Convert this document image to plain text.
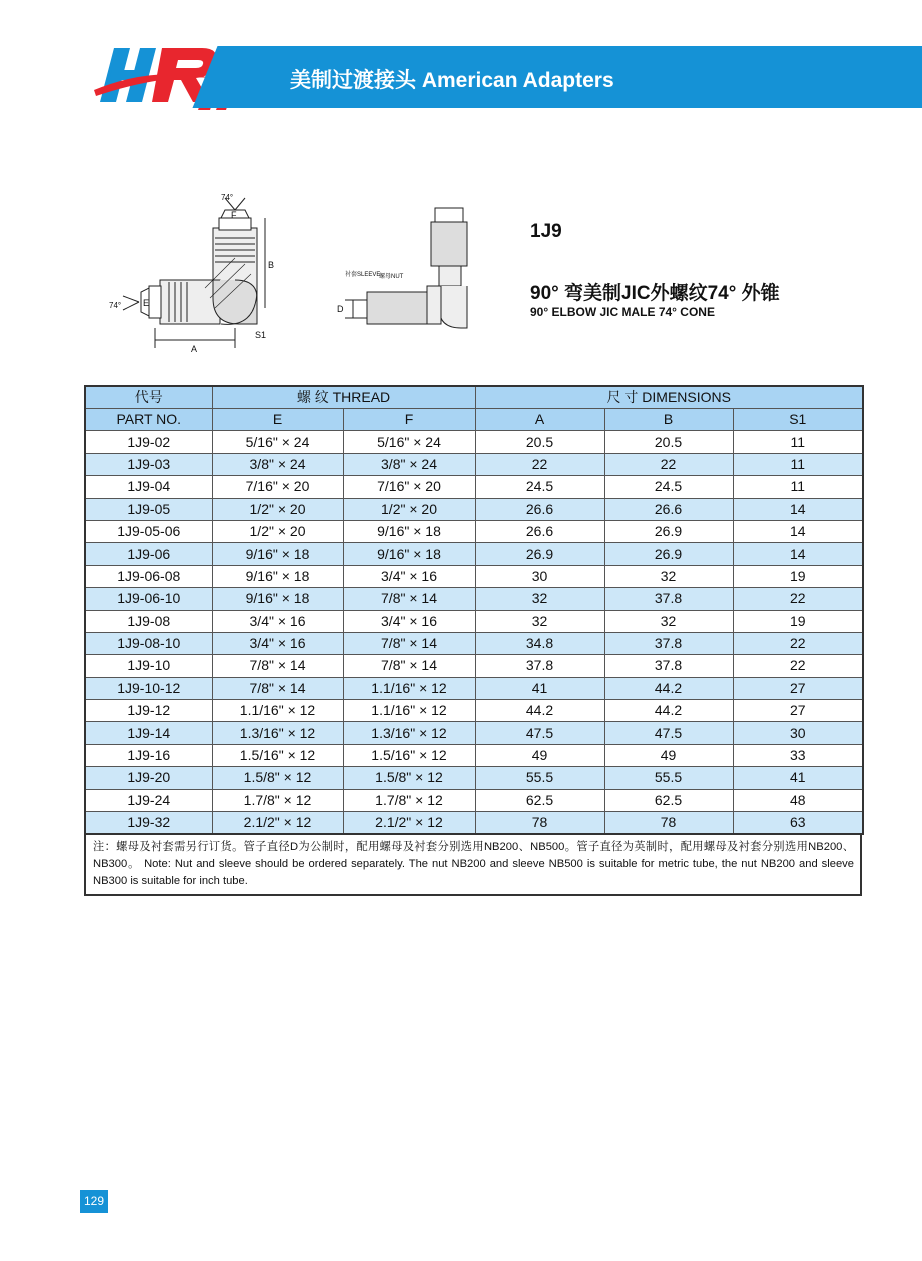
美制过渡接头 American Adapters
74°
74°
F
B
E
A
S1
螺母NUT
衬套SLEEVE
D
1J9
90° 弯美制JIC外螺纹74° 外锥
90° ELBOW JIC MALE 74° CONE
代号	螺 纹 THREAD		尺 寸 DIMENSIONS		
PART NO.	E	F	A	B	S1
1J9-02	5/16" × 24	5/16" × 24	20.5	20.5	11
1J9-03	3/8" × 24	3/8" × 24	22	22	11
1J9-04	7/16" × 20	7/16" × 20	24.5	24.5	11
1J9-05	1/2" × 20	1/2" × 20	26.6	26.6	14
1J9-05-06	1/2" × 20	9/16" × 18	26.6	26.9	14
1J9-06	9/16" × 18	9/16" × 18	26.9	26.9	14
1J9-06-08	9/16" × 18	3/4" × 16	30	32	19
1J9-06-10	9/16" × 18	7/8" × 14	32	37.8	22
1J9-08	3/4" × 16	3/4" × 16	32	32	19
1J9-08-10	3/4" × 16	7/8" × 14	34.8	37.8	22
1J9-10	7/8" × 14	7/8" × 14	37.8	37.8	22
1J9-10-12	7/8" × 14	1.1/16" × 12	41	44.2	27
1J9-12	1.1/16" × 12	1.1/16" × 12	44.2	44.2	27
1J9-14	1.3/16" × 12	1.3/16" × 12	47.5	47.5	30
1J9-16	1.5/16" × 12	1.5/16" × 12	49	49	33
1J9-20	1.5/8" × 12	1.5/8" × 12	55.5	55.5	41
1J9-24	1.7/8" × 12	1.7/8" × 12	62.5	62.5	48
1J9-32	2.1/2" × 12	2.1/2" × 12	78	78	63
注：螺母及衬套需另行订货。管子直径D为公制时，配用螺母及衬套分别选用NB200、NB500。管子直径为英制时，配用螺母及衬套分别选用NB200、NB300。 Note: Nut and sleeve should be ordered separately. The nut NB200 and sleeve NB500 is suitable for metric tube, the nut NB200 and sleeve NB300 is suitable for inch tube.
129
